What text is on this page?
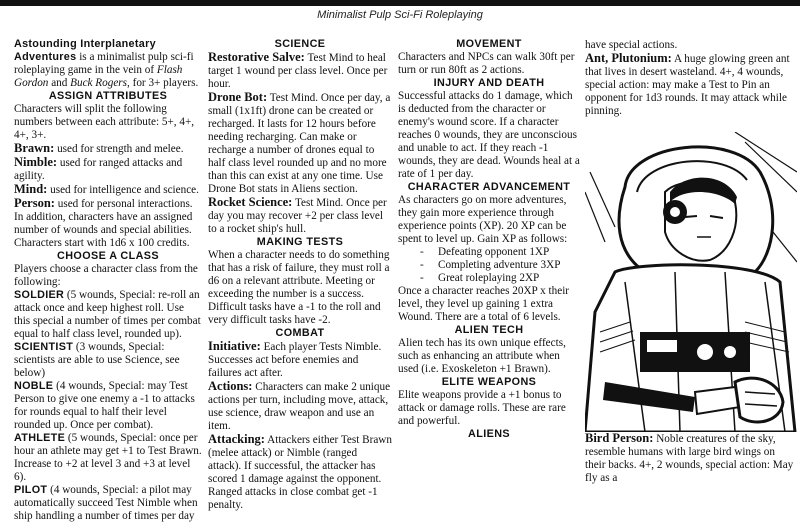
Minimalist Pulp Sci-Fi Roleplaying

Astounding Interplanetary Adventures is a minimalist pulp sci-fi roleplaying game in the vein of Flash Gordon and Buck Rogers, for 3+ players.

ASSIGN ATTRIBUTES

Characters will split the following numbers between each attribute: 5+, 4+, 4+, 3+.

Brawn: used for strength and melee.

Nimble: used for ranged attacks and agility.

Mind: used for intelligence and science.

Person: used for personal interactions.

In addition, characters have an assigned number of wounds and special abilities. Characters start with 1d6 x 100 credits.

CHOOSE A CLASS

Players choose a character class from the following:

SOLDIER (5 wounds, Special: re-roll an attack once and keep highest roll. Use this special a number of times per combat equal to half class level, rounded up).

SCIENTIST (3 wounds, Special: scientists are able to use Science, see below)

NOBLE (4 wounds, Special: may Test Person to give one enemy a -1 to attacks for rounds equal to half their level rounded up. Once per combat).

ATHLETE (5 wounds, Special: once per hour an athlete may get +1 to Test Brawn. Increase to +2 at level 3 and +3 at level 6).

PILOT (4 wounds, Special: a pilot may automatically succeed Test Nimble when ship handling a number of times per day

SCIENCE

Restorative Salve: Test Mind to heal target 1 wound per class level. Once per hour.

Drone Bot: Test Mind. Once per day, a small (1x1ft) drone can be created or recharged. It lasts for 12 hours before needing recharging. Can make or recharge a number of drones equal to half class level rounded up and no more than this can exist at any one time. Use Drone Bot stats in Aliens section.

Rocket Science: Test Mind. Once per day you may recover +2 per class level to a rocket ship's hull.

MAKING TESTS

When a character needs to do something that has a risk of failure, they must roll a d6 on a relevant attribute. Meeting or exceeding the number is a success. Difficult tasks have a -1 to the roll and very difficult tasks have -2.

COMBAT

Initiative: Each player Tests Nimble. Successes act before enemies and failures act after.

Actions: Characters can make 2 unique actions per turn, including move, attack, use science, draw weapon and use an item.

Attacking: Attackers either Test Brawn (melee attack) or Nimble (ranged attack). If successful, the attacker has scored 1 damage against the opponent. Ranged attacks in close combat get -1 penalty.

MOVEMENT

Characters and NPCs can walk 30ft per turn or run 80ft as 2 actions.

INJURY AND DEATH

Successful attacks do 1 damage, which is deducted from the character or enemy's wound score. If a character reaches 0 wounds, they are unconscious and unable to act. If they reach -1 wounds, they are dead. Wounds heal at a rate of 1 per day.

CHARACTER ADVANCEMENT

As characters go on more adventures, they gain more experience through experience points (XP). 20 XP can be spent to level up. Gain XP as follows:

- Defeating opponent 1XP
- Completing adventure 3XP
- Great roleplaying 2XP

Once a character reaches 20XP x their level, they level up gaining 1 extra Wound. There are a total of 6 levels.

ALIEN TECH

Alien tech has its own unique effects, such as enhancing an attribute when used (i.e. Exoskeleton +1 Brawn).

ELITE WEAPONS

Elite weapons provide a +1 bonus to attack or damage rolls. These are rare and powerful.

ALIENS

have special actions.

Ant, Plutonium: A huge glowing green ant that lives in desert wasteland. 4+, 4 wounds, special action: may make a Test to Pin an opponent for 1d3 rounds. It may attack while pinning.

Bird Person: Noble creatures of the sky, resemble humans with large bird wings on their backs. 4+, 2 wounds, special action: May fly as a
